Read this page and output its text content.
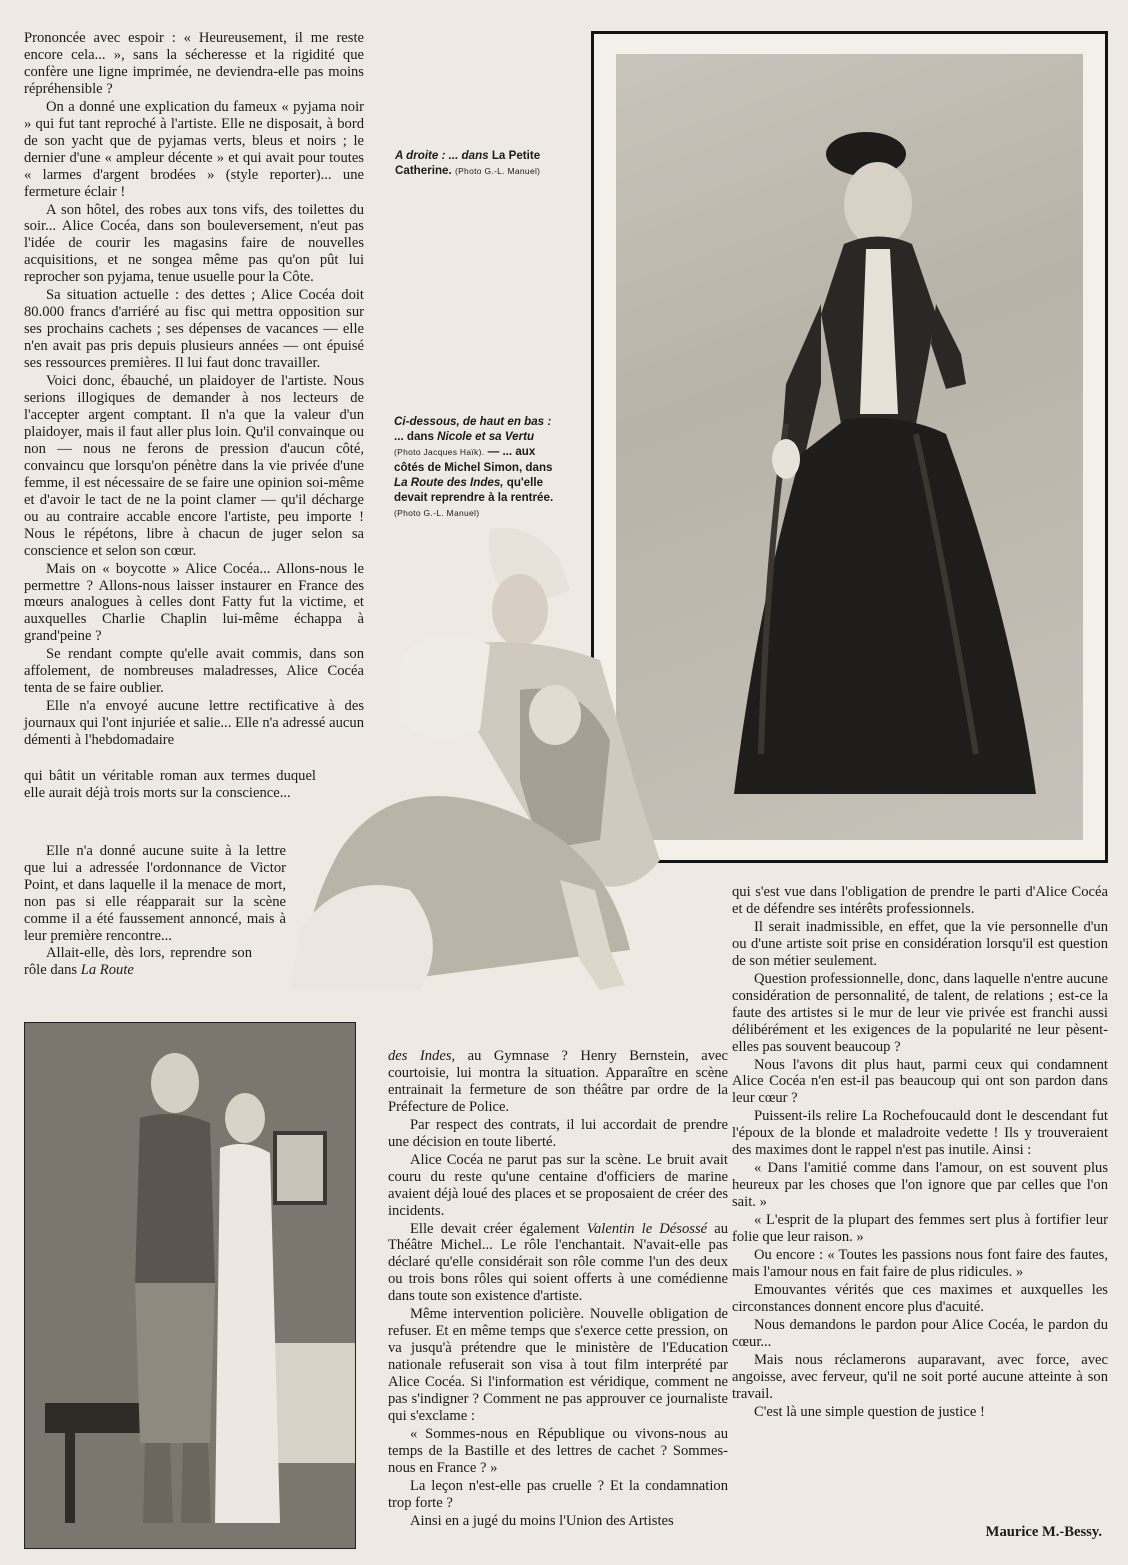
Prononcée avec espoir : « Heureusement, il me reste encore cela... », sans la sécheresse et la rigidité que confère une ligne imprimée, ne deviendra-elle pas moins répréhensible ?

On a donné une explication du fameux « pyjama noir » qui fut tant reproché à l'artiste. Elle ne disposait, à bord de son yacht que de pyjamas verts, bleus et noirs ; le dernier d'une « ampleur décente » et qui avait pour toutes « larmes d'argent brodées » (style reporter)... une fermeture éclair !

A son hôtel, des robes aux tons vifs, des toilettes du soir... Alice Cocéa, dans son bouleversement, n'eut pas l'idée de courir les magasins faire de nouvelles acquisitions, et ne songea même pas qu'on pût lui reprocher son pyjama, tenue usuelle pour la Côte.

Sa situation actuelle : des dettes ; Alice Cocéa doit 80.000 francs d'arriéré au fisc qui mettra opposition sur ses prochains cachets ; ses dépenses de vacances — elle n'en avait pas pris depuis plusieurs années — ont épuisé ses ressources premières. Il lui faut donc travailler.

Voici donc, ébauché, un plaidoyer de l'artiste. Nous serions illogiques de demander à nos lecteurs de l'accepter argent comptant. Il n'a que la valeur d'un plaidoyer, mais il faut aller plus loin. Qu'il convainque ou non — nous ne ferons de pression d'aucun côté, convaincu que lorsqu'on pénètre dans la vie privée d'une femme, il est nécessaire de se faire une opinion soi-même et d'avoir le tact de ne la point clamer — qu'il décharge ou au contraire accable encore l'artiste, peu importe ! Nous le répétons, libre à chacun de juger selon sa conscience et selon son cœur.

Mais on « boycotte » Alice Cocéa... Allons-nous le permettre ? Allons-nous laisser instaurer en France des mœurs analogues à celles dont Fatty fut la victime, et auxquelles Charlie Chaplin lui-même échappa à grand'peine ?

Se rendant compte qu'elle avait commis, dans son affolement, de nombreuses maladresses, Alice Cocéa tenta de se faire oublier.

Elle n'a envoyé aucune lettre rectificative à des journaux qui l'ont injuriée et salie... Elle n'a adressé aucun démenti à l'hebdomadaire

qui bâtit un véritable roman aux termes duquel elle aurait déjà trois morts sur la conscience...

Elle n'a donné aucune suite à la lettre que lui a adressée l'ordonnance de Victor Point, et dans laquelle il la menace de mort, non pas si elle réapparait sur la scène comme il a été faussement annoncé, mais à leur première rencontre...

Allait-elle, dès lors, reprendre son rôle dans La Route

A droite : ... dans La Petite Catherine. (Photo G.-L. Manuel)
Ci-dessous, de haut en bas :
... dans Nicole et sa Vertu
(Photo Jacques Haïk). — ... aux côtés de Michel Simon, dans La Route des Indes, qu'elle devait reprendre à la rentrée. (Photo G.-L. Manuel)

des Indes, au Gymnase ? Henry Bernstein, avec courtoisie, lui montra la situation. Apparaître en scène entrainait la fermeture de son théâtre par ordre de la Préfecture de Police.

Par respect des contrats, il lui accordait de prendre une décision en toute liberté.

Alice Cocéa ne parut pas sur la scène. Le bruit avait couru du reste qu'une centaine d'officiers de marine avaient déjà loué des places et se proposaient de créer des incidents.

Elle devait créer également Valentin le Désossé au Théâtre Michel... Le rôle l'enchantait. N'avait-elle pas déclaré qu'elle considérait son rôle comme l'un des deux ou trois bons rôles qui soient offerts à une comédienne dans toute son existence d'artiste.

Même intervention policière. Nouvelle obligation de refuser. Et en même temps que s'exerce cette pression, on va jusqu'à prétendre que le ministère de l'Education nationale refuserait son visa à tout film interprété par Alice Cocéa. Si l'information est véridique, comment ne pas s'indigner ? Comment ne pas approuver ce journaliste qui s'exclame :

« Sommes-nous en République ou vivons-nous au temps de la Bastille et des lettres de cachet ? Sommes-nous en France ? »

La leçon n'est-elle pas cruelle ? Et la condamnation trop forte ?

Ainsi en a jugé du moins l'Union des Artistes

qui s'est vue dans l'obligation de prendre le parti d'Alice Cocéa et de défendre ses intérêts professionnels.

Il serait inadmissible, en effet, que la vie personnelle d'un ou d'une artiste soit prise en considération lorsqu'il est question de son métier seulement.

Question professionnelle, donc, dans laquelle n'entre aucune considération de personnalité, de talent, de relations ; est-ce la faute des artistes si le mur de leur vie privée est franchi aussi délibérément et les exigences de la popularité ne leur pèsent-elles pas souvent beaucoup ?

Nous l'avons dit plus haut, parmi ceux qui condamnent Alice Cocéa n'en est-il pas beaucoup qui ont son pardon dans leur cœur ?

Puissent-ils relire La Rochefoucauld dont le descendant fut l'époux de la blonde et maladroite vedette ! Ils y trouveraient des maximes dont le rappel n'est pas inutile. Ainsi :

« Dans l'amitié comme dans l'amour, on est souvent plus heureux par les choses que l'on ignore que par celles que l'on sait. »

« L'esprit de la plupart des femmes sert plus à fortifier leur folie que leur raison. »

Ou encore : « Toutes les passions nous font faire des fautes, mais l'amour nous en fait faire de plus ridicules. »

Emouvantes vérités que ces maximes et auxquelles les circonstances donnent encore plus d'acuité.

Nous demandons le pardon pour Alice Cocéa, le pardon du cœur...

Mais nous réclamerons auparavant, avec force, avec angoisse, avec ferveur, qu'il ne soit porté aucune atteinte à son travail.

C'est là une simple question de justice !

Maurice M.-Bessy.
